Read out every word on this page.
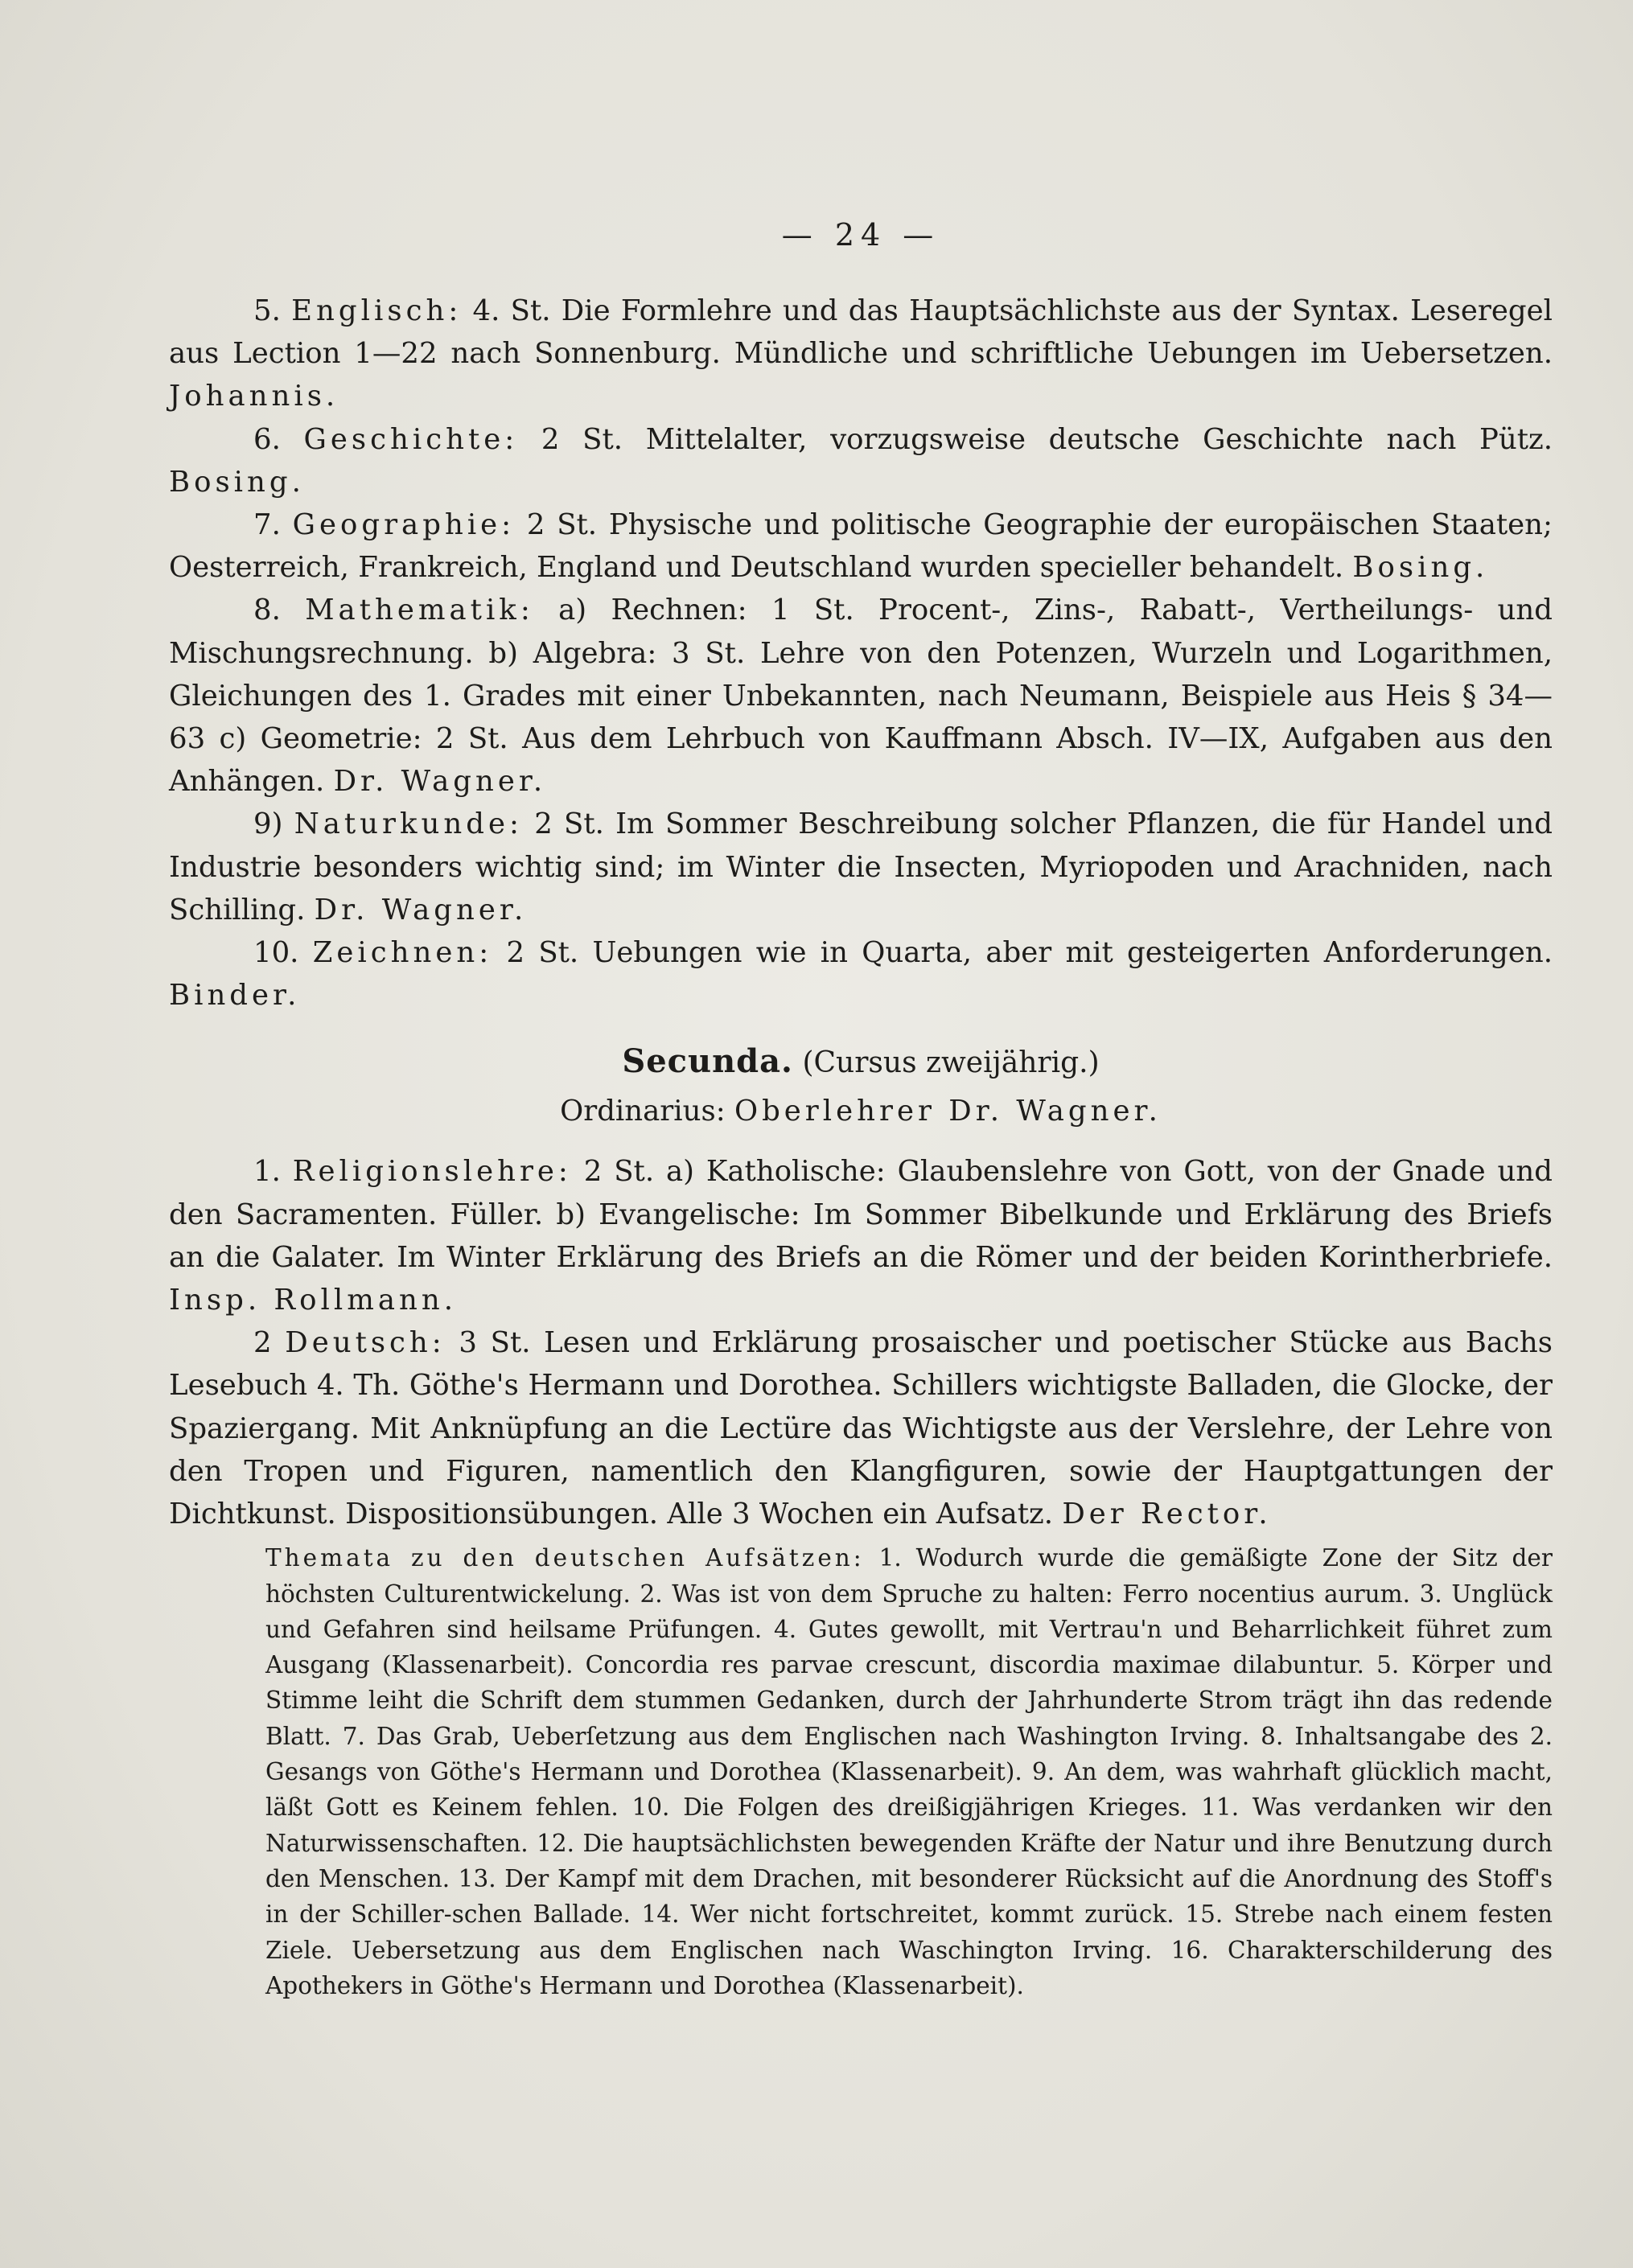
— 24 —

5. Englisch: 4. St. Die Formlehre und das Hauptsächlichste aus der Syntax. Leseregel aus Lection 1—22 nach Sonnenburg. Mündliche und schriftliche Uebungen im Uebersetzen. Johannis.

6. Geschichte: 2 St. Mittelalter, vorzugsweise deutsche Geschichte nach Pütz. Bosing.

7. Geographie: 2 St. Physische und politische Geographie der europäischen Staaten; Oesterreich, Frankreich, England und Deutschland wurden specieller behandelt. Bosing.

8. Mathematik: a) Rechnen: 1 St. Procent-, Zins-, Rabatt-, Vertheilungs- und Mischungsrechnung. b) Algebra: 3 St. Lehre von den Potenzen, Wurzeln und Logarithmen, Gleichungen des 1. Grades mit einer Unbekannten, nach Neumann, Beispiele aus Heis § 34—63 c) Geometrie: 2 St. Aus dem Lehrbuch von Kauffmann Absch. IV—IX, Aufgaben aus den Anhängen. Dr. Wagner.

9) Naturkunde: 2 St. Im Sommer Beschreibung solcher Pflanzen, die für Handel und Industrie besonders wichtig sind; im Winter die Insecten, Myriopoden und Arachniden, nach Schilling. Dr. Wagner.

10. Zeichnen: 2 St. Uebungen wie in Quarta, aber mit gesteigerten Anforderungen. Binder.

Secunda. (Cursus zweijährig.)
Ordinarius: Oberlehrer Dr. Wagner.

1. Religionslehre: 2 St. a) Katholische: Glaubenslehre von Gott, von der Gnade und den Sacramenten. Füller. b) Evangelische: Im Sommer Bibelkunde und Erklärung des Briefs an die Galater. Im Winter Erklärung des Briefs an die Römer und der beiden Korintherbriefe. Insp. Rollmann.

2 Deutsch: 3 St. Lesen und Erklärung prosaischer und poetischer Stücke aus Bachs Lesebuch 4. Th. Göthe's Hermann und Dorothea. Schillers wichtigste Balladen, die Glocke, der Spaziergang. Mit Anknüpfung an die Lectüre das Wichtigste aus der Verslehre, der Lehre von den Tropen und Figuren, namentlich den Klangfiguren, sowie der Hauptgattungen der Dichtkunst. Dispositionsübungen. Alle 3 Wochen ein Aufsatz. Der Rector.

Themata zu den deutschen Aufsätzen: 1. Wodurch wurde die gemäßigte Zone der Sitz der höchsten Culturentwickelung. 2. Was ist von dem Spruche zu halten: Ferro nocentius aurum. 3. Unglück und Gefahren sind heilsame Prüfungen. 4. Gutes gewollt, mit Vertrau'n und Beharrlichkeit führet zum Ausgang (Klassenarbeit). Concordia res parvae crescunt, discordia maximae dilabuntur. 5. Körper und Stimme leiht die Schrift dem stummen Gedanken, durch der Jahrhunderte Strom trägt ihn das redende Blatt. 7. Das Grab, Ueberſetzung aus dem Englischen nach Washington Irving. 8. Inhaltsangabe des 2. Gesangs von Göthe's Hermann und Dorothea (Klassenarbeit). 9. An dem, was wahrhaft glücklich macht, läßt Gott es Keinem fehlen. 10. Die Folgen des dreißigjährigen Krieges. 11. Was verdanken wir den Naturwissenschaften. 12. Die hauptsächlichsten bewegenden Kräfte der Natur und ihre Benutzung durch den Menschen. 13. Der Kampf mit dem Drachen, mit besonderer Rücksicht auf die Anordnung des Stoff's in der Schiller-schen Ballade. 14. Wer nicht fortschreitet, kommt zurück. 15. Strebe nach einem festen Ziele. Uebersetzung aus dem Englischen nach Waschington Irving. 16. Charakterschilderung des Apothekers in Göthe's Hermann und Dorothea (Klassenarbeit).
